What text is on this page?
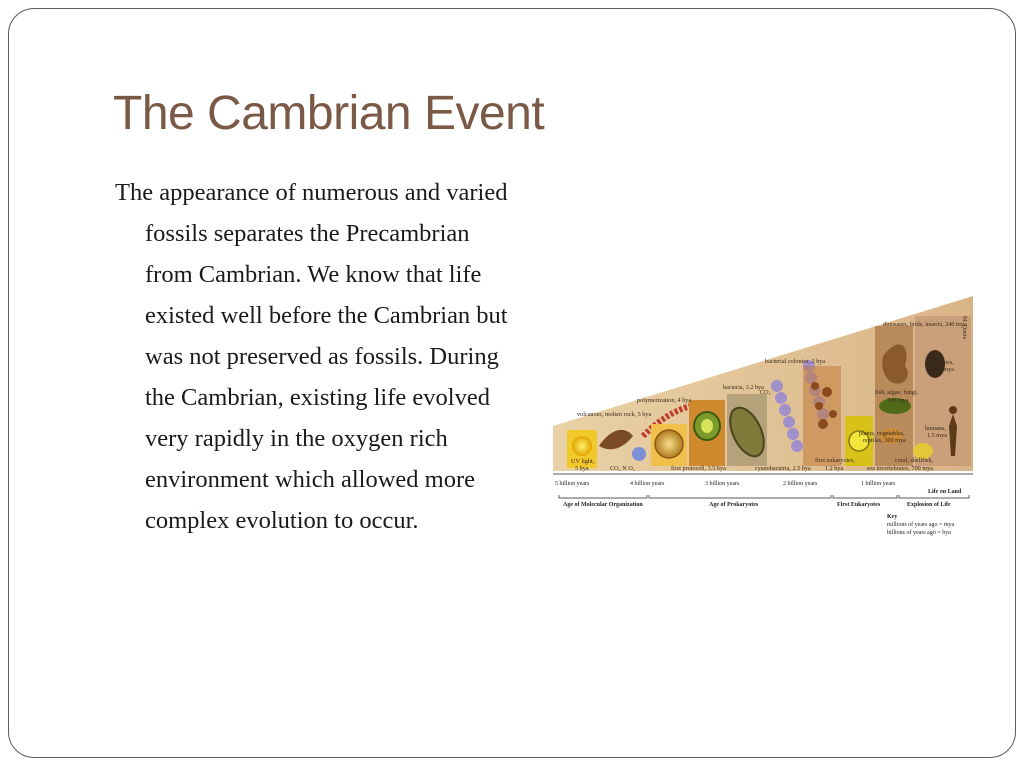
The Cambrian Event

The appearance of numerous and varied fossils separates the Precambrian from Cambrian. We know that life existed well before the Cambrian but was not preserved as fossils. During the Cambrian, existing life evolved very rapidly in the oxygen rich environment which allowed more complex evolution to occur.

dinosaurs, birds, insects, 240 mya
M. Davis
bacterial colonies, 2 bya	primates,
65.0 mya
bacteria, 3.2 bya
CO₂	fish, algae, fungi,
700 mya
polymerization, 4 bya
volcanoes, molten rock, 5 bya
plants, vegetables,
reptiles, 300 mya
humans,
1.5 mya
UV light,
5 bya
first eukaryotes,
1.2 bya
coral, shellfish,
CO₂ N O₂	first protocell, 3.5 bya	cyanobacteria, 2.5 bya	sea invertebrates, 700 mya
5 billion years	4 billion years	3 billion years	2 billion years	1 billion years
Life on Land
Age of Molecular Organization	Age of Prokaryotes	First Eukaryotes	Explosion of Life
Key
millions of years ago = mya
billions of years ago = bya
